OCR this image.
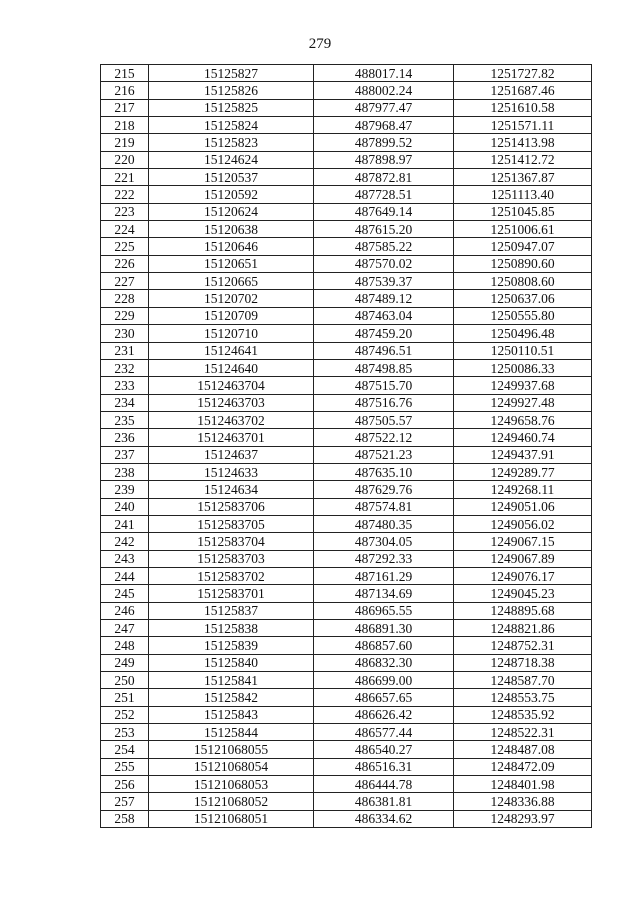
279
215	15125827	488017.14	1251727.82
216	15125826	488002.24	1251687.46
217	15125825	487977.47	1251610.58
218	15125824	487968.47	1251571.11
219	15125823	487899.52	1251413.98
220	15124624	487898.97	1251412.72
221	15120537	487872.81	1251367.87
222	15120592	487728.51	1251113.40
223	15120624	487649.14	1251045.85
224	15120638	487615.20	1251006.61
225	15120646	487585.22	1250947.07
226	15120651	487570.02	1250890.60
227	15120665	487539.37	1250808.60
228	15120702	487489.12	1250637.06
229	15120709	487463.04	1250555.80
230	15120710	487459.20	1250496.48
231	15124641	487496.51	1250110.51
232	15124640	487498.85	1250086.33
233	1512463704	487515.70	1249937.68
234	1512463703	487516.76	1249927.48
235	1512463702	487505.57	1249658.76
236	1512463701	487522.12	1249460.74
237	15124637	487521.23	1249437.91
238	15124633	487635.10	1249289.77
239	15124634	487629.76	1249268.11
240	1512583706	487574.81	1249051.06
241	1512583705	487480.35	1249056.02
242	1512583704	487304.05	1249067.15
243	1512583703	487292.33	1249067.89
244	1512583702	487161.29	1249076.17
245	1512583701	487134.69	1249045.23
246	15125837	486965.55	1248895.68
247	15125838	486891.30	1248821.86
248	15125839	486857.60	1248752.31
249	15125840	486832.30	1248718.38
250	15125841	486699.00	1248587.70
251	15125842	486657.65	1248553.75
252	15125843	486626.42	1248535.92
253	15125844	486577.44	1248522.31
254	15121068055	486540.27	1248487.08
255	15121068054	486516.31	1248472.09
256	15121068053	486444.78	1248401.98
257	15121068052	486381.81	1248336.88
258	15121068051	486334.62	1248293.97
